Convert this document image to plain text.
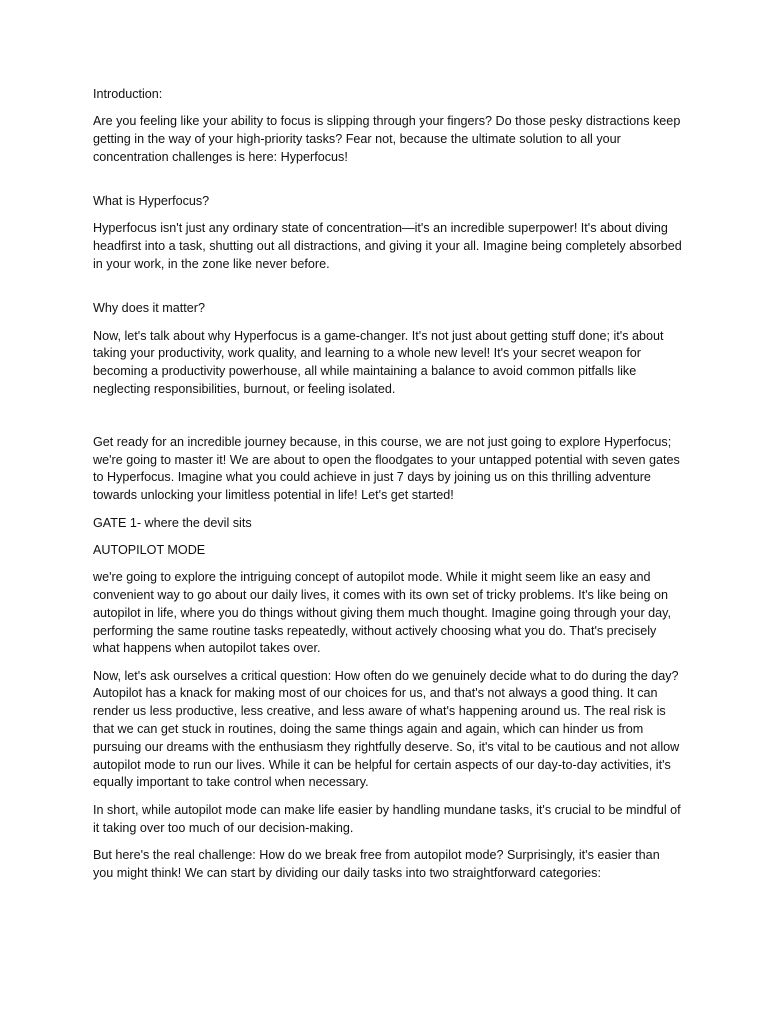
Introduction:

Are you feeling like your ability to focus is slipping through your fingers? Do those pesky distractions keep getting in the way of your high-priority tasks? Fear not, because the ultimate solution to all your concentration challenges is here: Hyperfocus!

What is Hyperfocus?

Hyperfocus isn't just any ordinary state of concentration—it's an incredible superpower! It's about diving headfirst into a task, shutting out all distractions, and giving it your all. Imagine being completely absorbed in your work, in the zone like never before.

Why does it matter?

Now, let's talk about why Hyperfocus is a game-changer. It's not just about getting stuff done; it's about taking your productivity, work quality, and learning to a whole new level! It's your secret weapon for becoming a productivity powerhouse, all while maintaining a balance to avoid common pitfalls like neglecting responsibilities, burnout, or feeling isolated.

Get ready for an incredible journey because, in this course, we are not just going to explore Hyperfocus; we're going to master it! We are about to open the floodgates to your untapped potential with seven gates to Hyperfocus. Imagine what you could achieve in just 7 days by joining us on this thrilling adventure towards unlocking your limitless potential in life! Let's get started!

GATE 1- where the devil sits

AUTOPILOT MODE

we're going to explore the intriguing concept of autopilot mode. While it might seem like an easy and convenient way to go about our daily lives, it comes with its own set of tricky problems. It's like being on autopilot in life, where you do things without giving them much thought. Imagine going through your day, performing the same routine tasks repeatedly, without actively choosing what you do. That's precisely what happens when autopilot takes over.

Now, let's ask ourselves a critical question: How often do we genuinely decide what to do during the day? Autopilot has a knack for making most of our choices for us, and that's not always a good thing. It can render us less productive, less creative, and less aware of what's happening around us. The real risk is that we can get stuck in routines, doing the same things again and again, which can hinder us from pursuing our dreams with the enthusiasm they rightfully deserve. So, it's vital to be cautious and not allow autopilot mode to run our lives. While it can be helpful for certain aspects of our day-to-day activities, it's equally important to take control when necessary.

In short, while autopilot mode can make life easier by handling mundane tasks, it's crucial to be mindful of it taking over too much of our decision-making.

But here's the real challenge: How do we break free from autopilot mode? Surprisingly, it's easier than you might think! We can start by dividing our daily tasks into two straightforward categories:
